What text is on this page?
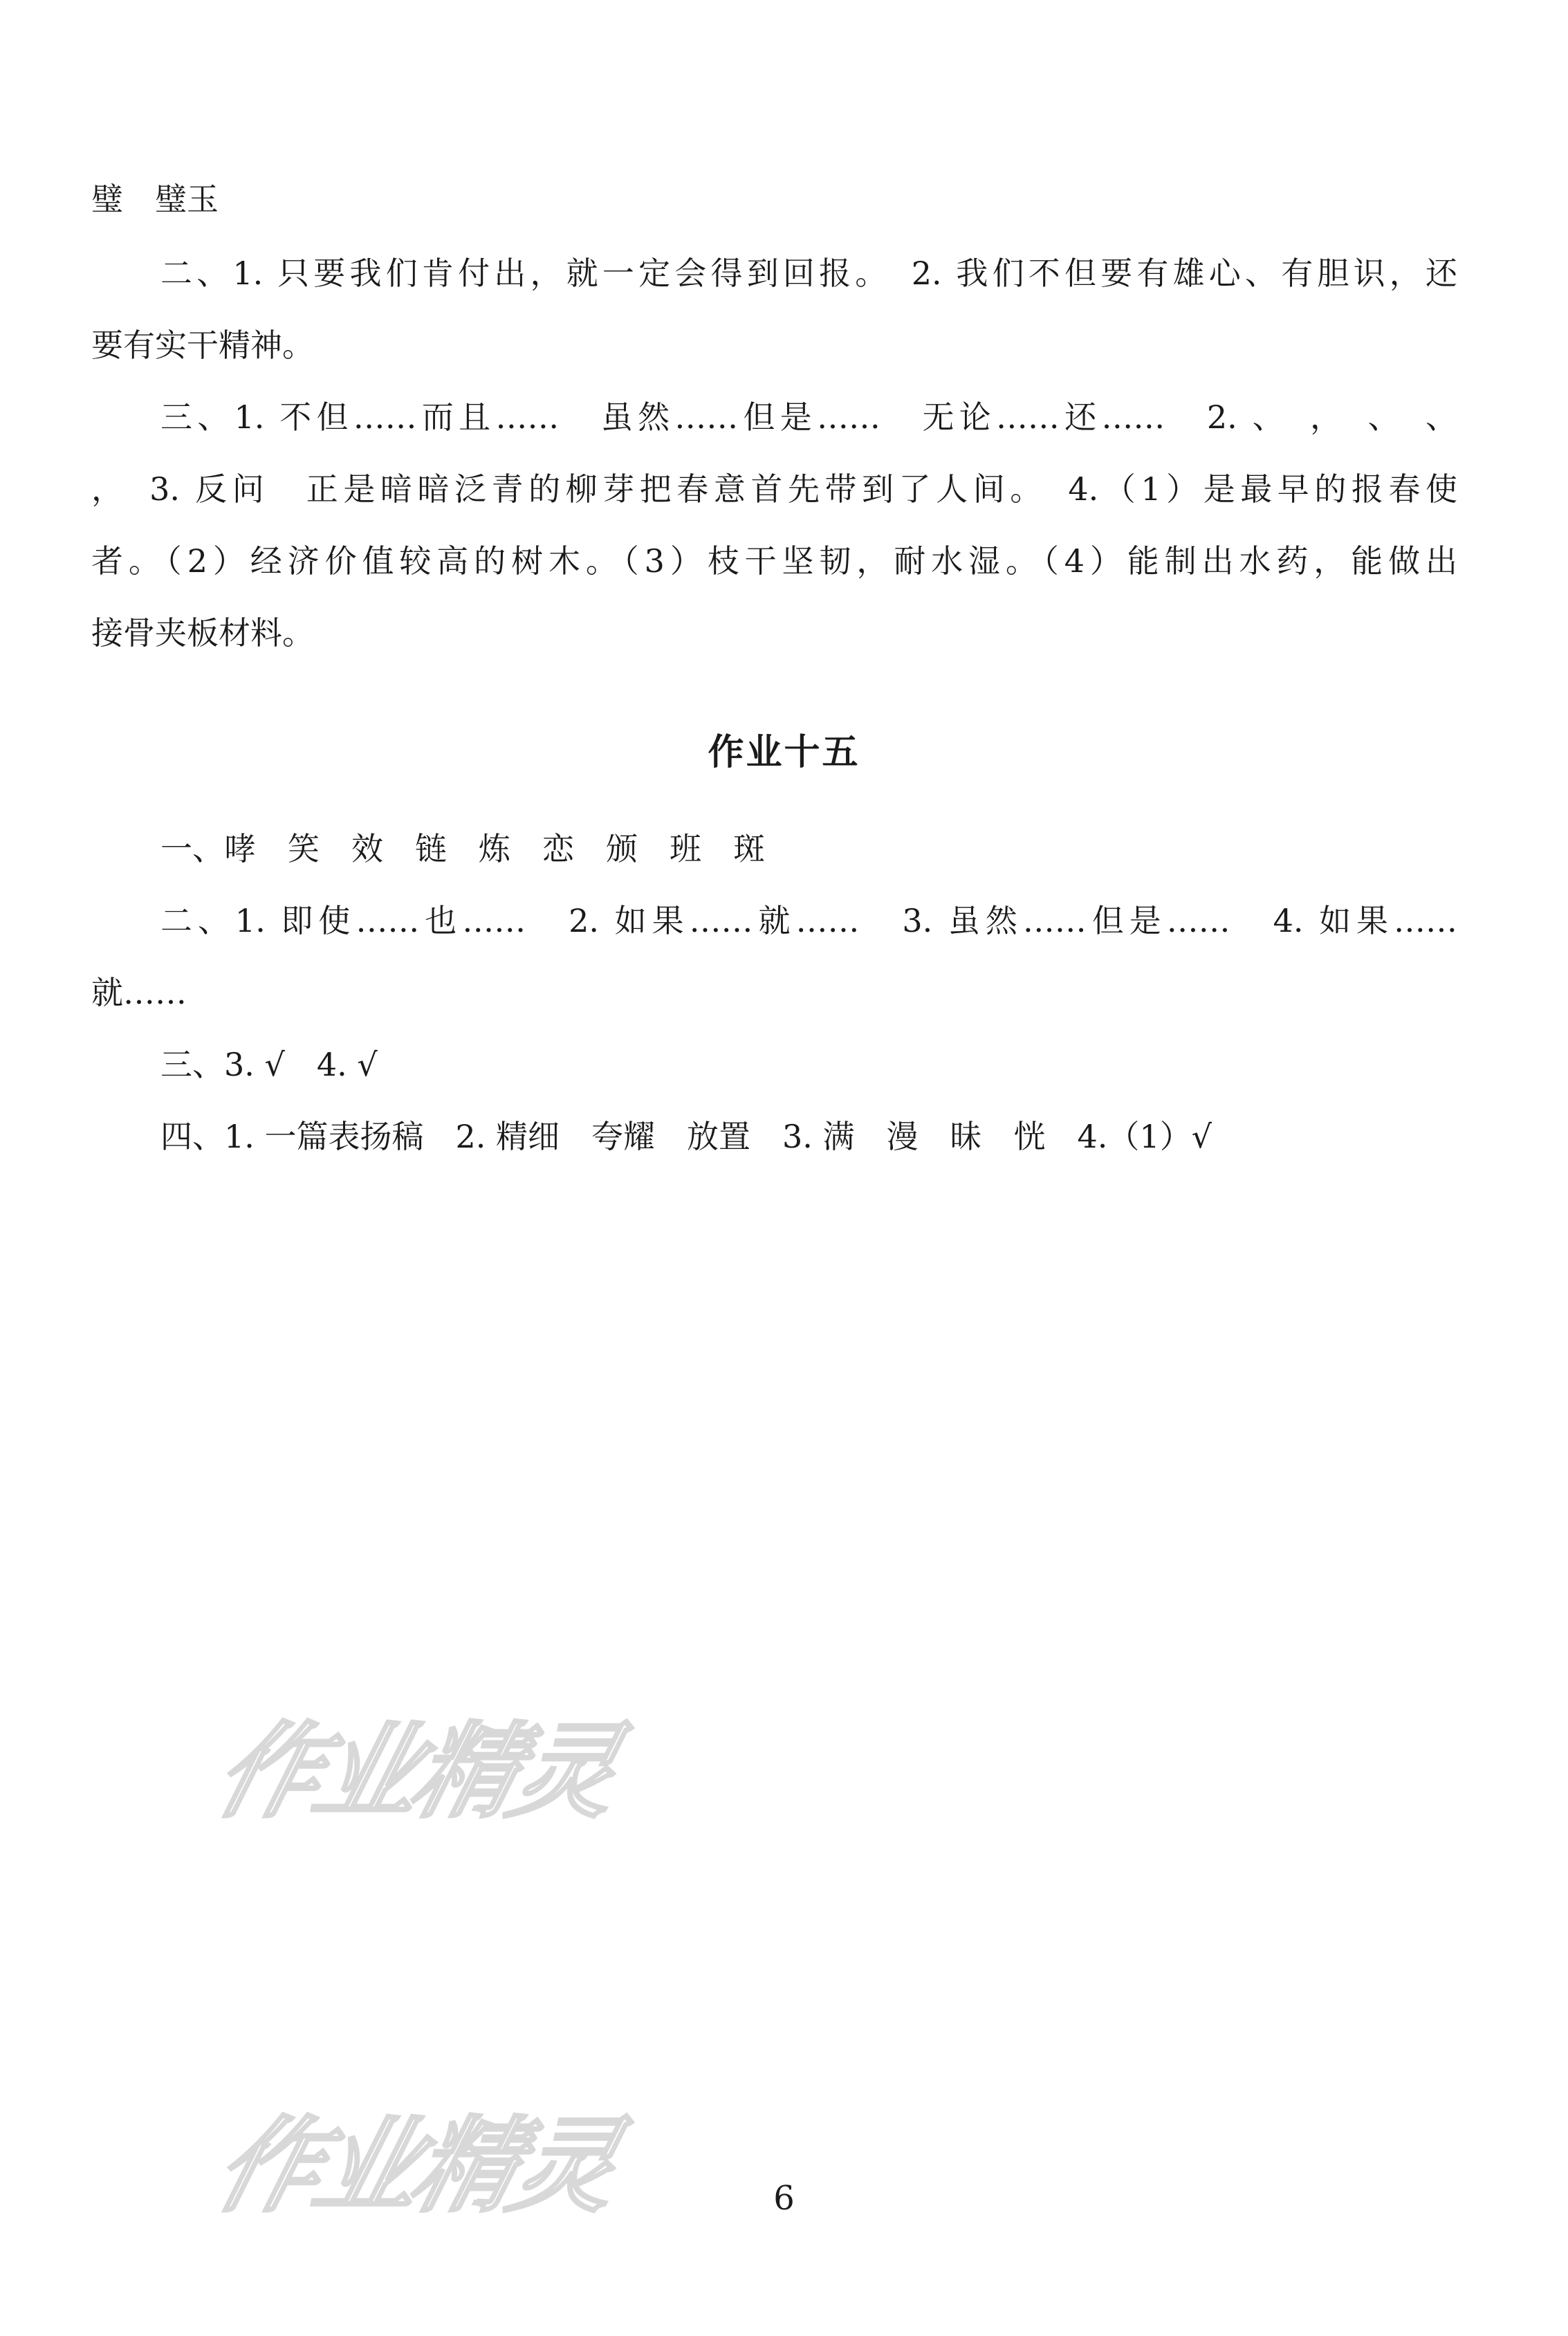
璧　璧玉
二、1. 只要我们肯付出，就一定会得到回报。　2. 我们不但要有雄心、有胆识，还
要有实干精神。
三、1. 不但……而且……　虽然……但是……　无论……还……　2. 、　，　、　、
，　3. 反问　正是暗暗泛青的柳芽把春意首先带到了人间。　4.（1）是最早的报春使
者。（2）经济价值较高的树木。（3）枝干坚韧，耐水湿。（4）能制出水药，能做出
接骨夹板材料。
作业十五
一、哮　笑　效　链　炼　恋　颁　班　斑
二、1. 即使……也……　2. 如果……就……　3. 虽然……但是……　4. 如果……
就……
三、3. √　4. √
四、1. 一篇表扬稿　2. 精细　夸耀　放置　3. 满　漫　昧　恍　4.（1）√
作业精灵
作业精灵	6
